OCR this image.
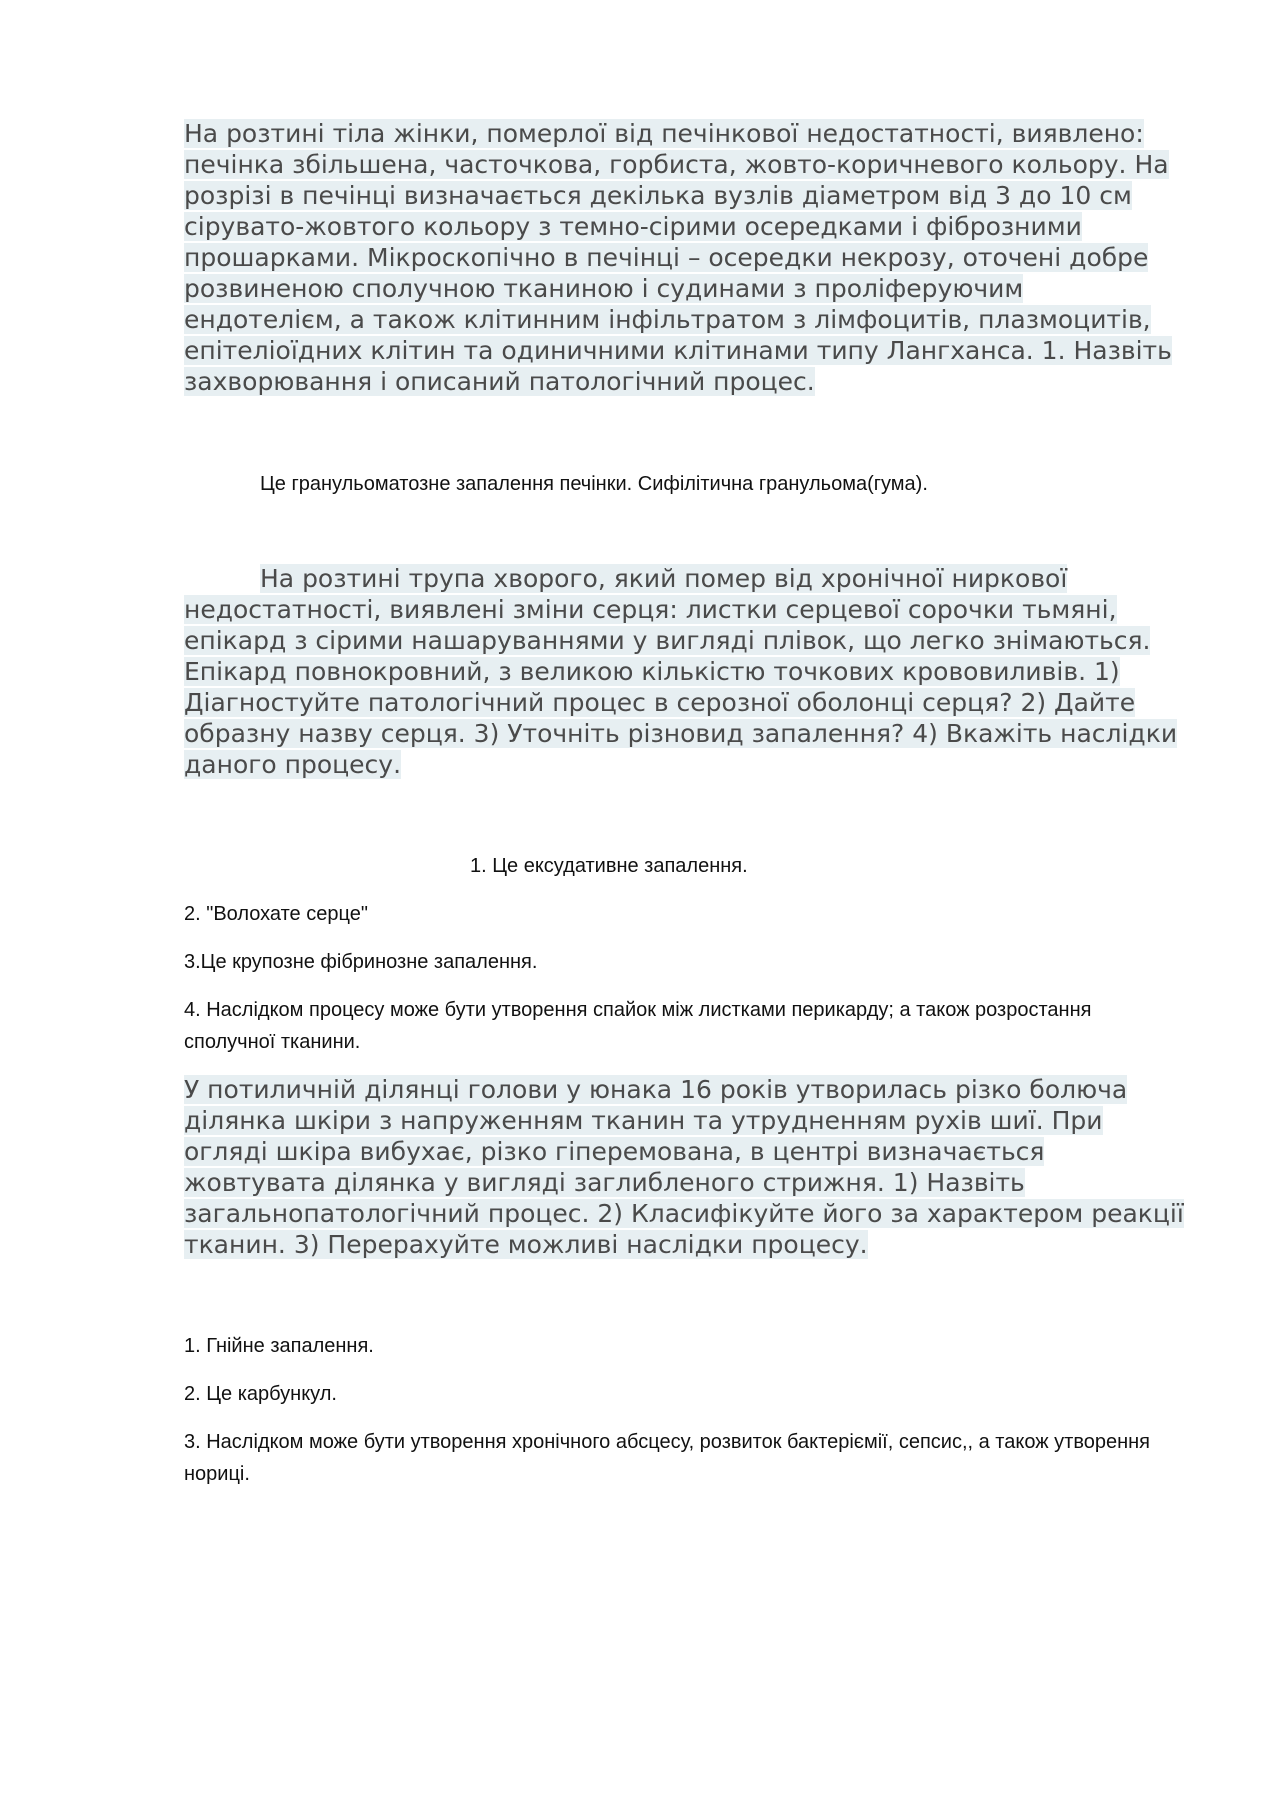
На розтині тіла жінки, померлої від печінкової недостатності, виявлено: печінка збільшена, часточкова, горбиста, жовто-коричневого кольору. На розрізі в печінці визначається декілька вузлів діаметром від 3 до 10 см сірувато-жовтого кольору з темно-сірими осередками і фіброзними прошарками. Мікроскопічно в печінці – осередки некрозу, оточені добре розвиненою сполучною тканиною і судинами з проліферуючим ендотелієм, а також клітинним інфільтратом з лімфоцитів, плазмоцитів, епітеліоїдних клітин та одиничними клітинами типу Лангханса. 1. Назвіть захворювання і описаний патологічний процес.

Це гранульоматозне запалення печінки. Сифілітична гранульома(гума).

На розтині трупа хворого, який помер від хронічної ниркової недостатності, виявлені зміни серця: листки серцевої сорочки тьмяні, епікард з сірими нашаруваннями у вигляді плівок, що легко знімаються. Епікард повнокровний, з великою кількістю точкових крововиливів. 1) Діагностуйте патологічний процес в серозної оболонці серця? 2) Дайте образну назву серця. 3) Уточніть різновид запалення? 4) Вкажіть наслідки даного процесу.

1. Це ексудативне запалення.

2. "Волохате серце"

3.Це крупозне фібринозне запалення.

4. Наслідком процесу може бути утворення спайок між листками перикарду; а також розростання сполучної тканини.

У потиличній ділянці голови у юнака 16 років утворилась різко болюча ділянка шкіри з напруженням тканин та утрудненням рухів шиї. При огляді шкіра вибухає, різко гіперемована, в центрі визначається жовтувата ділянка у вигляді заглибленого стрижня. 1) Назвіть загальнопатологічний процес. 2) Класифікуйте його за характером реакції тканин. 3) Перерахуйте можливі наслідки процесу.

1. Гнійне запалення.

2. Це карбункул.

3. Наслідком може бути утворення хронічного абсцесу, розвиток бактеріємії, сепсис,, а також утворення нориці.
